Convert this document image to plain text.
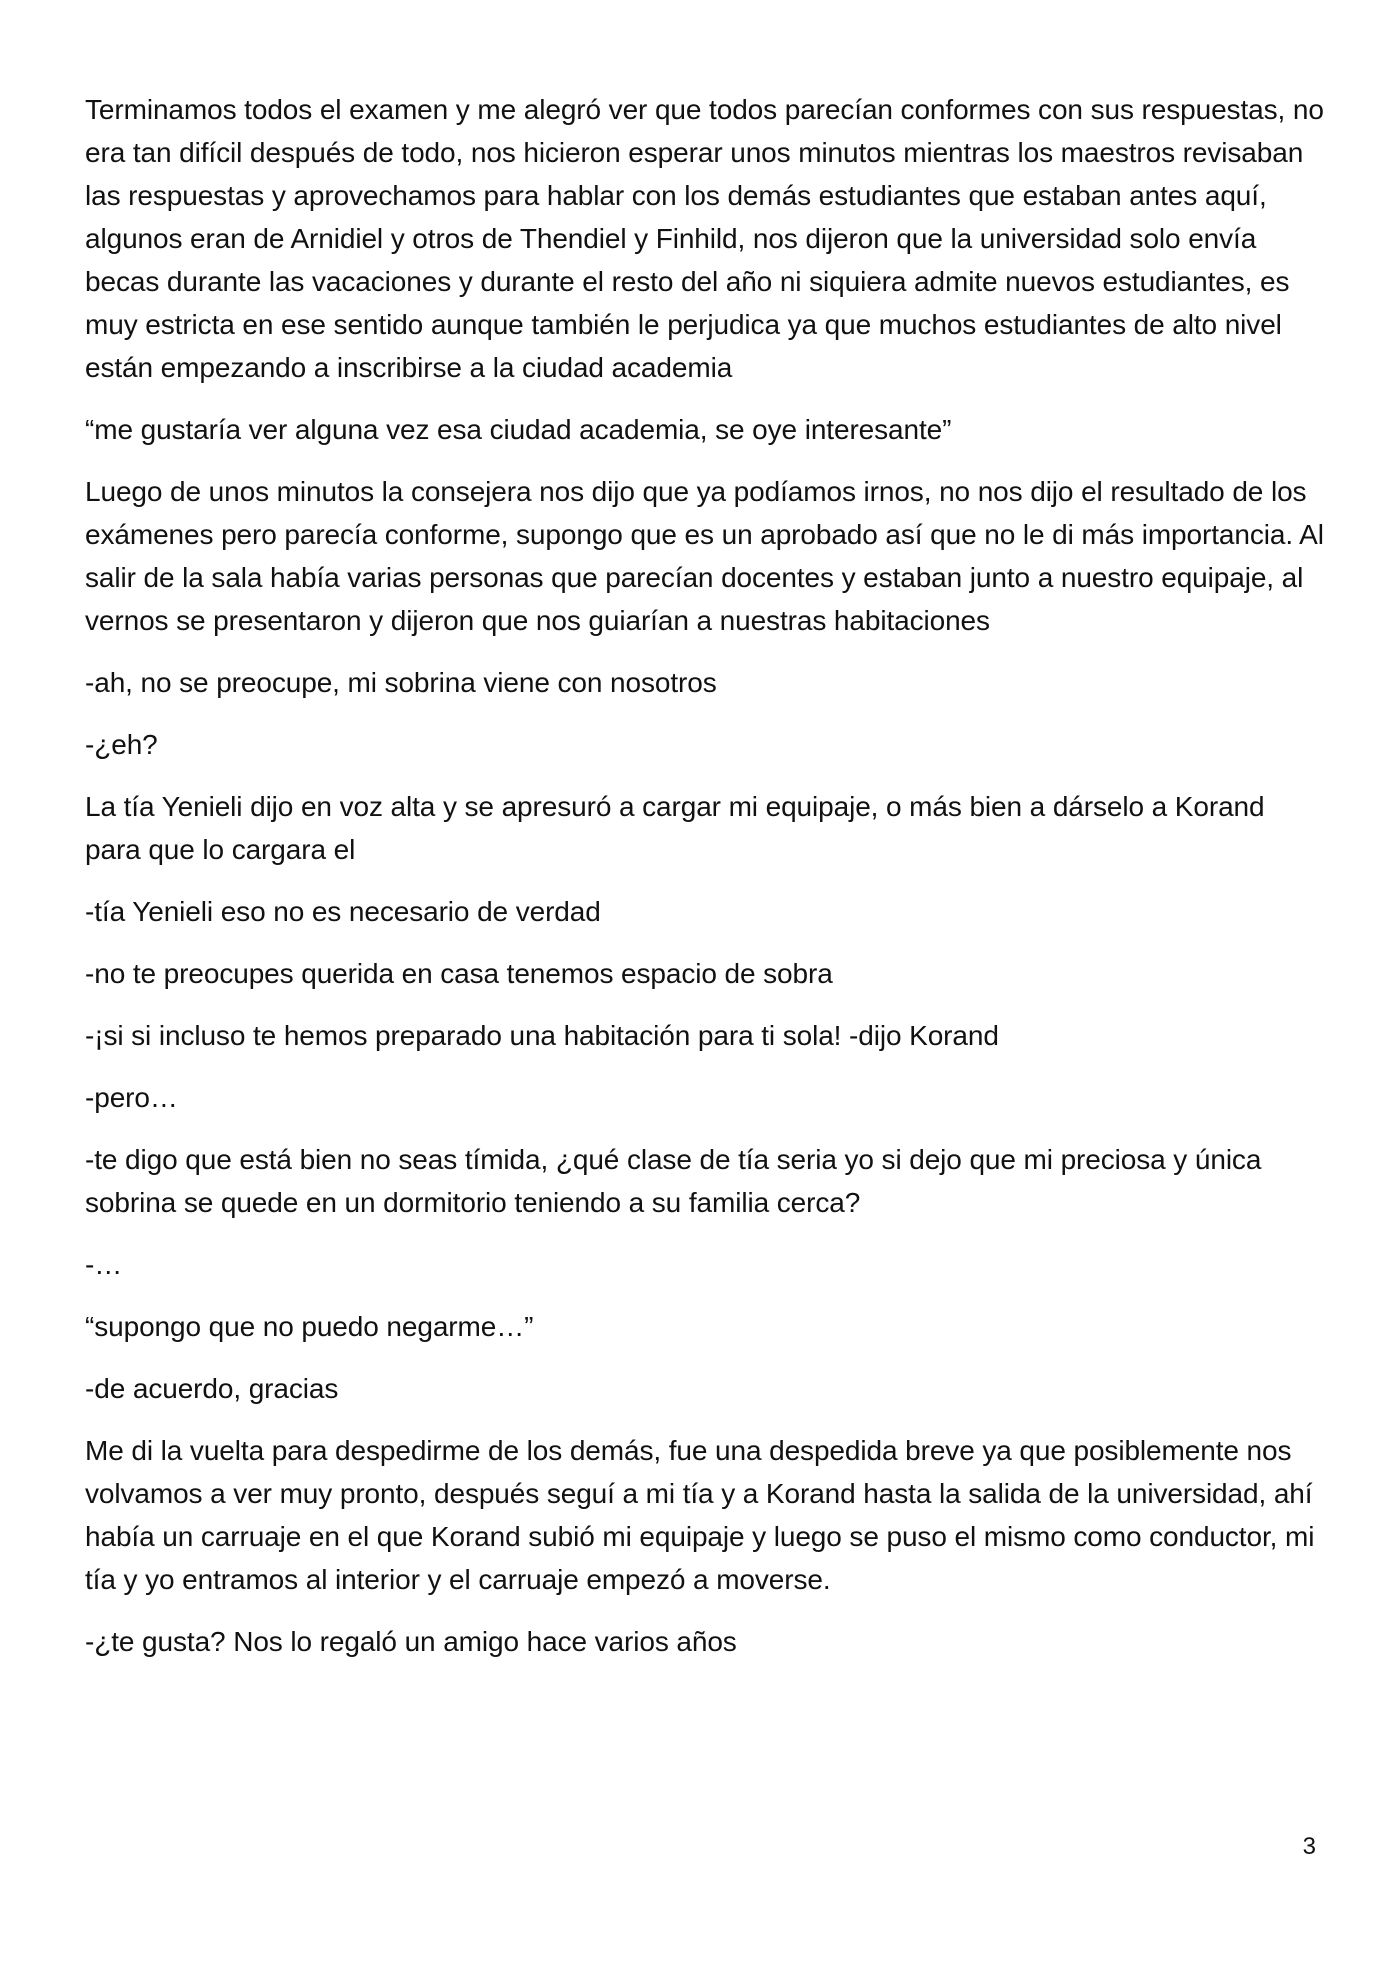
Terminamos todos el examen y me alegró ver que todos parecían conformes con sus respuestas, no era tan difícil después de todo, nos hicieron esperar unos minutos mientras los maestros revisaban las respuestas y aprovechamos para hablar con los demás estudiantes que estaban antes aquí, algunos eran de Arnidiel y otros de Thendiel y Finhild, nos dijeron que la universidad solo envía becas durante las vacaciones y durante el resto del año ni siquiera admite nuevos estudiantes, es muy estricta en ese sentido aunque también le perjudica ya que muchos estudiantes de alto nivel están empezando a inscribirse a la ciudad academia

“me gustaría ver alguna vez esa ciudad academia, se oye interesante”

Luego de unos minutos la consejera nos dijo que ya podíamos irnos, no nos dijo el resultado de los exámenes pero parecía conforme, supongo que es un aprobado así que no le di más importancia. Al salir de la sala había varias personas que parecían docentes y estaban junto a nuestro equipaje, al vernos se presentaron y dijeron que nos guiarían a nuestras habitaciones

-ah, no se preocupe, mi sobrina viene con nosotros

-¿eh?

La tía Yenieli dijo en voz alta y se apresuró a cargar mi equipaje, o más bien a dárselo a Korand para que lo cargara el

-tía Yenieli eso no es necesario de verdad

-no te preocupes querida en casa tenemos espacio de sobra

-¡si si incluso te hemos preparado una habitación para ti sola! -dijo Korand

-pero…

-te digo que está bien no seas tímida, ¿qué clase de tía seria yo si dejo que mi preciosa y única sobrina se quede en un dormitorio teniendo a su familia cerca?

-…

“supongo que no puedo negarme…”

-de acuerdo, gracias

Me di la vuelta para despedirme de los demás, fue una despedida breve ya que posiblemente nos volvamos a ver muy pronto, después seguí a mi tía y a Korand hasta la salida de la universidad, ahí había un carruaje en el que Korand subió mi equipaje y luego se puso el mismo como conductor, mi tía y yo entramos al interior y el carruaje empezó a moverse.

-¿te gusta? Nos lo regaló un amigo hace varios años

3
